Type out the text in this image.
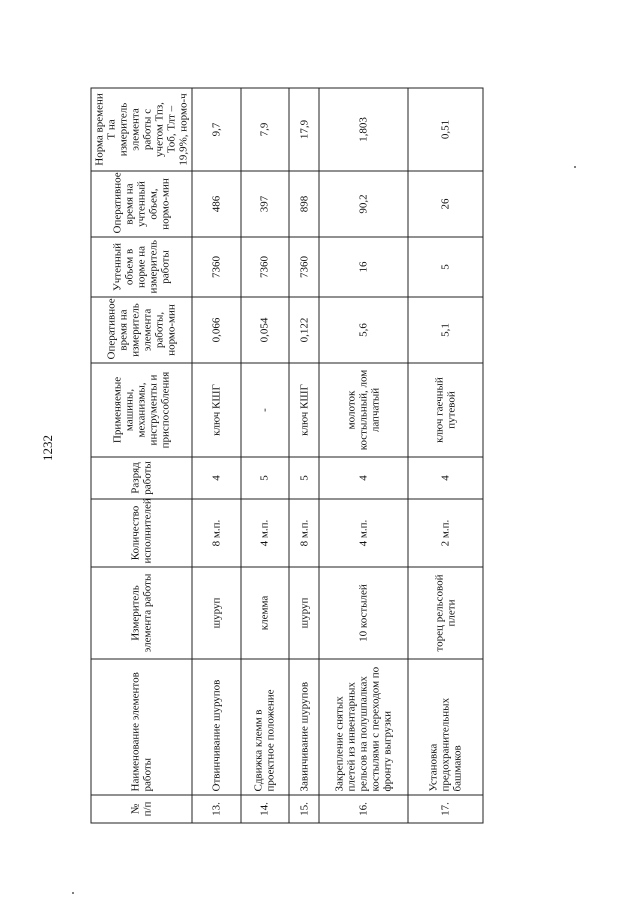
1232
№ п/п	Наименование элементов работы	Измеритель элемента работы	Количество исполнителей	Разряд работы	Применяемые машины, механизмы, инструменты и приспособления	Оперативное время на измеритель элемента работы, нормо-мин	Учтенный объем в норме на измеритель работы	Оперативное время на учтенный объем, нормо-мин	Норма времени Т на измеритель элемента работы с учетом Тпз, Тоб, Тлт – 19,9%, нормо-ч
13.	Отвинчивание шурупов	шуруп	8 м.п.	4	ключ КШГ	0,066	7360	486	9,7
14.	Сдвижка клемм в проектное положение	клемма	4 м.п.	5	-	0,054	7360	397	7,9
15.	Завинчивание шурупов	шуруп	8 м.п.	5	ключ КШГ	0,122	7360	898	17,9
16.	Закрепление снятых плетей из инвентарных рельсов на полушпалках костылями с переходом по фронту выгрузки	10 костылей	4 м.п.	4	молоток костыльный, лом лапчатый	5,6	16	90,2	1,803
17.	Установка предохранительных башмаков	торец рельсовой плети	2 м.п.	4	ключ гаечный путевой	5,1	5	26	0,51
